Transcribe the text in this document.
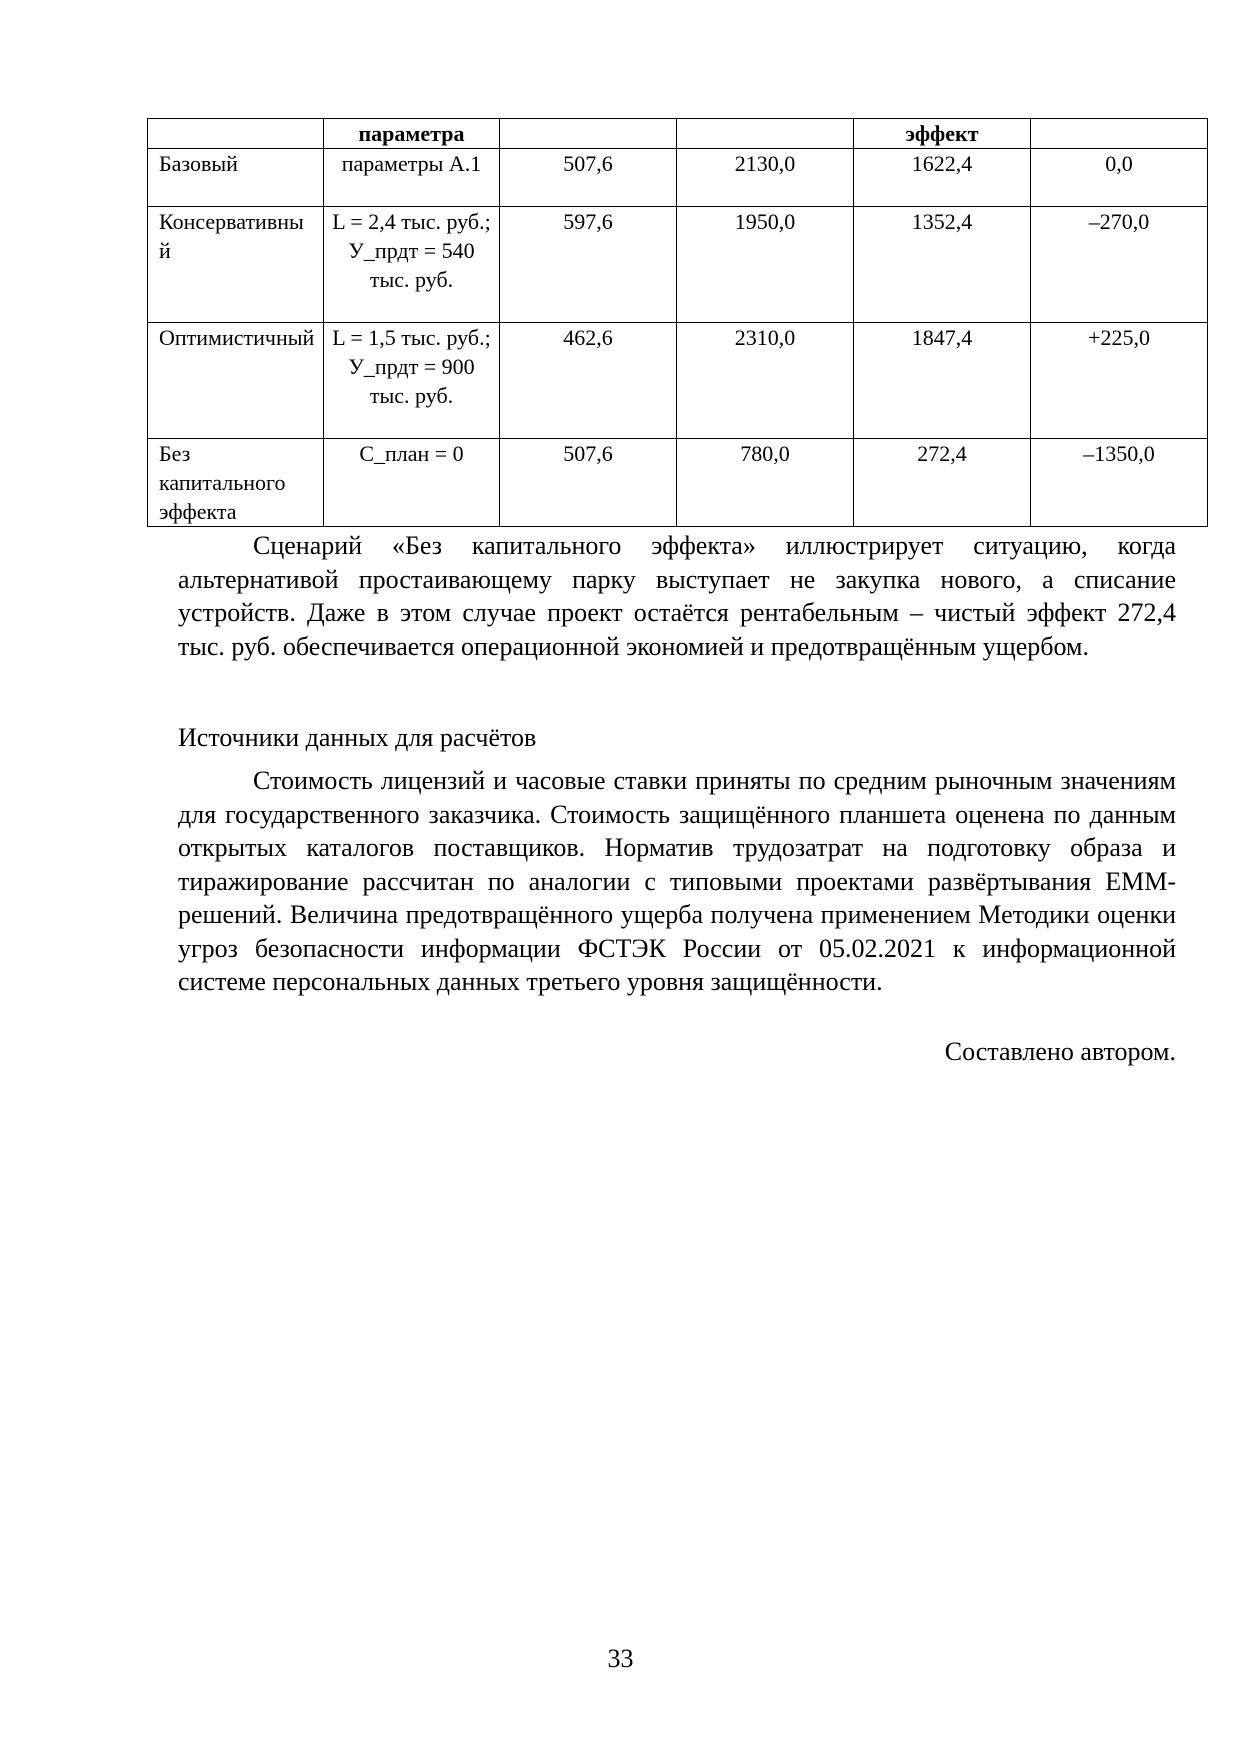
	параметра			эффект	
Базовый	параметры А.1	507,6	2130,0	1622,4	0,0
Консервативный	L = 2,4 тыс. руб.; У_прдт = 540 тыс. руб.	597,6	1950,0	1352,4	–270,0
Оптимистичный	L = 1,5 тыс. руб.; У_прдт = 900 тыс. руб.	462,6	2310,0	1847,4	+225,0
Без капитального эффекта	С_план = 0	507,6	780,0	272,4	–1350,0

Сценарий «Без капитального эффекта» иллюстрирует ситуацию, когда альтернативой простаивающему парку выступает не закупка нового, а списание устройств. Даже в этом случае проект остаётся рентабельным – чистый эффект 272,4 тыс. руб. обеспечивается операционной экономией и предотвращённым ущербом.

Источники данных для расчётов

Стоимость лицензий и часовые ставки приняты по средним рыночным значениям для государственного заказчика. Стоимость защищённого планшета оценена по данным открытых каталогов поставщиков. Норматив трудозатрат на подготовку образа и тиражирование рассчитан по аналогии с типовыми проектами развёртывания EMM-решений. Величина предотвращённого ущерба получена применением Методики оценки угроз безопасности информации ФСТЭК России от 05.02.2021 к информационной системе персональных данных третьего уровня защищённости.

Составлено автором.

33
